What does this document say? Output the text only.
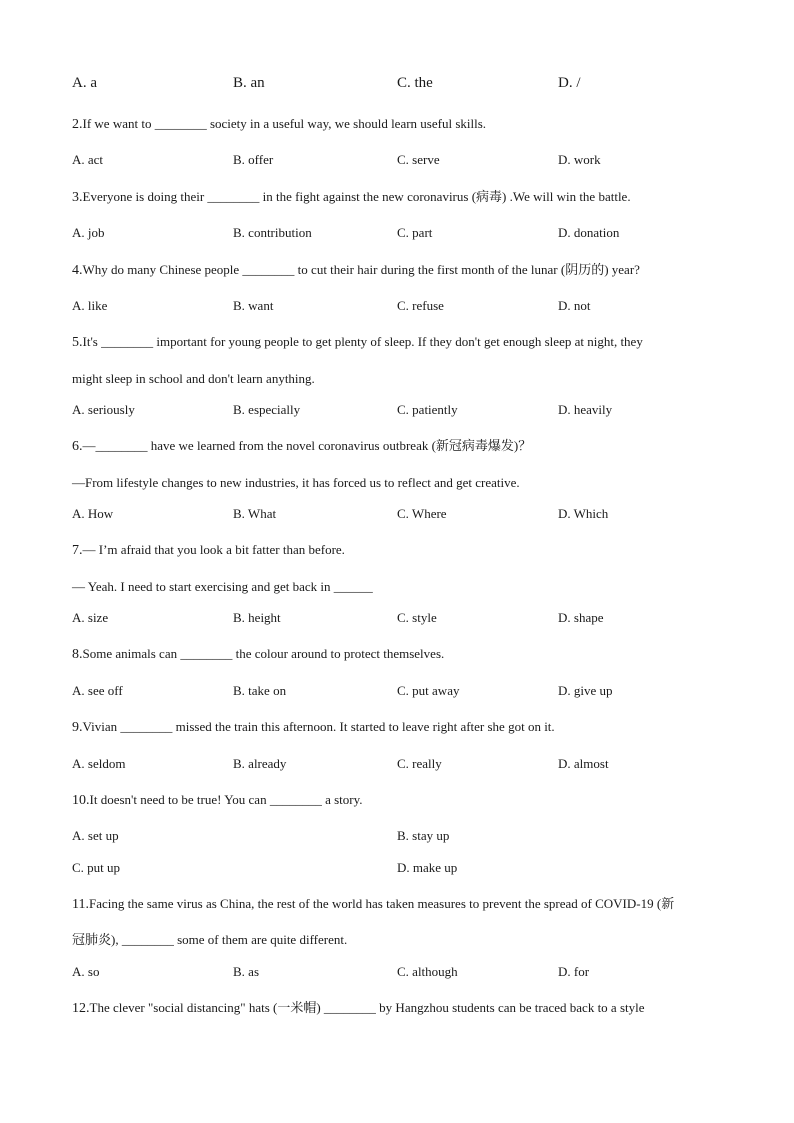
A. a	B. an	C. the	D. /
2.If we want to ________ society in a useful way, we should learn useful skills.
A. act	B. offer	C. serve	D. work
3.Everyone is doing their ________ in the fight against the new coronavirus (病毒) .We will win the battle.
A. job	B. contribution	C. part	D. donation
4.Why do many Chinese people ________ to cut their hair during the first month of the lunar (阴历的) year?
A. like	B. want	C. refuse	D. not
5.It's ________ important for young people to get plenty of sleep. If they don't get enough sleep at night, they
might sleep in school and don't learn anything.
A. seriously	B. especially	C. patiently	D. heavily
6.—________ have we learned from the novel coronavirus outbreak (新冠病毒爆发)？
—From lifestyle changes to new industries, it has forced us to reflect and get creative.
A. How	B. What	C. Where	D. Which
7.— I’m afraid that you look a bit fatter than before.
— Yeah. I need to start exercising and get back in ______
A. size	B. height	C. style	D. shape
8.Some animals can ________ the colour around to protect themselves.
A. see off	B. take on	C. put away	D. give up
9.Vivian ________ missed the train this afternoon. It started to leave right after she got on it.
A. seldom	B. already	C. really	D. almost
10.It doesn't need to be true! You can ________ a story.
A. set up	B. stay up
C. put up	D. make up
11.Facing the same virus as China, the rest of the world has taken measures to prevent the spread of COVID-19 (新
冠肺炎), ________ some of them are quite different.
A. so	B. as	C. although	D. for
12.The clever "social distancing" hats (一米帽) ________ by Hangzhou students can be traced back to a style
